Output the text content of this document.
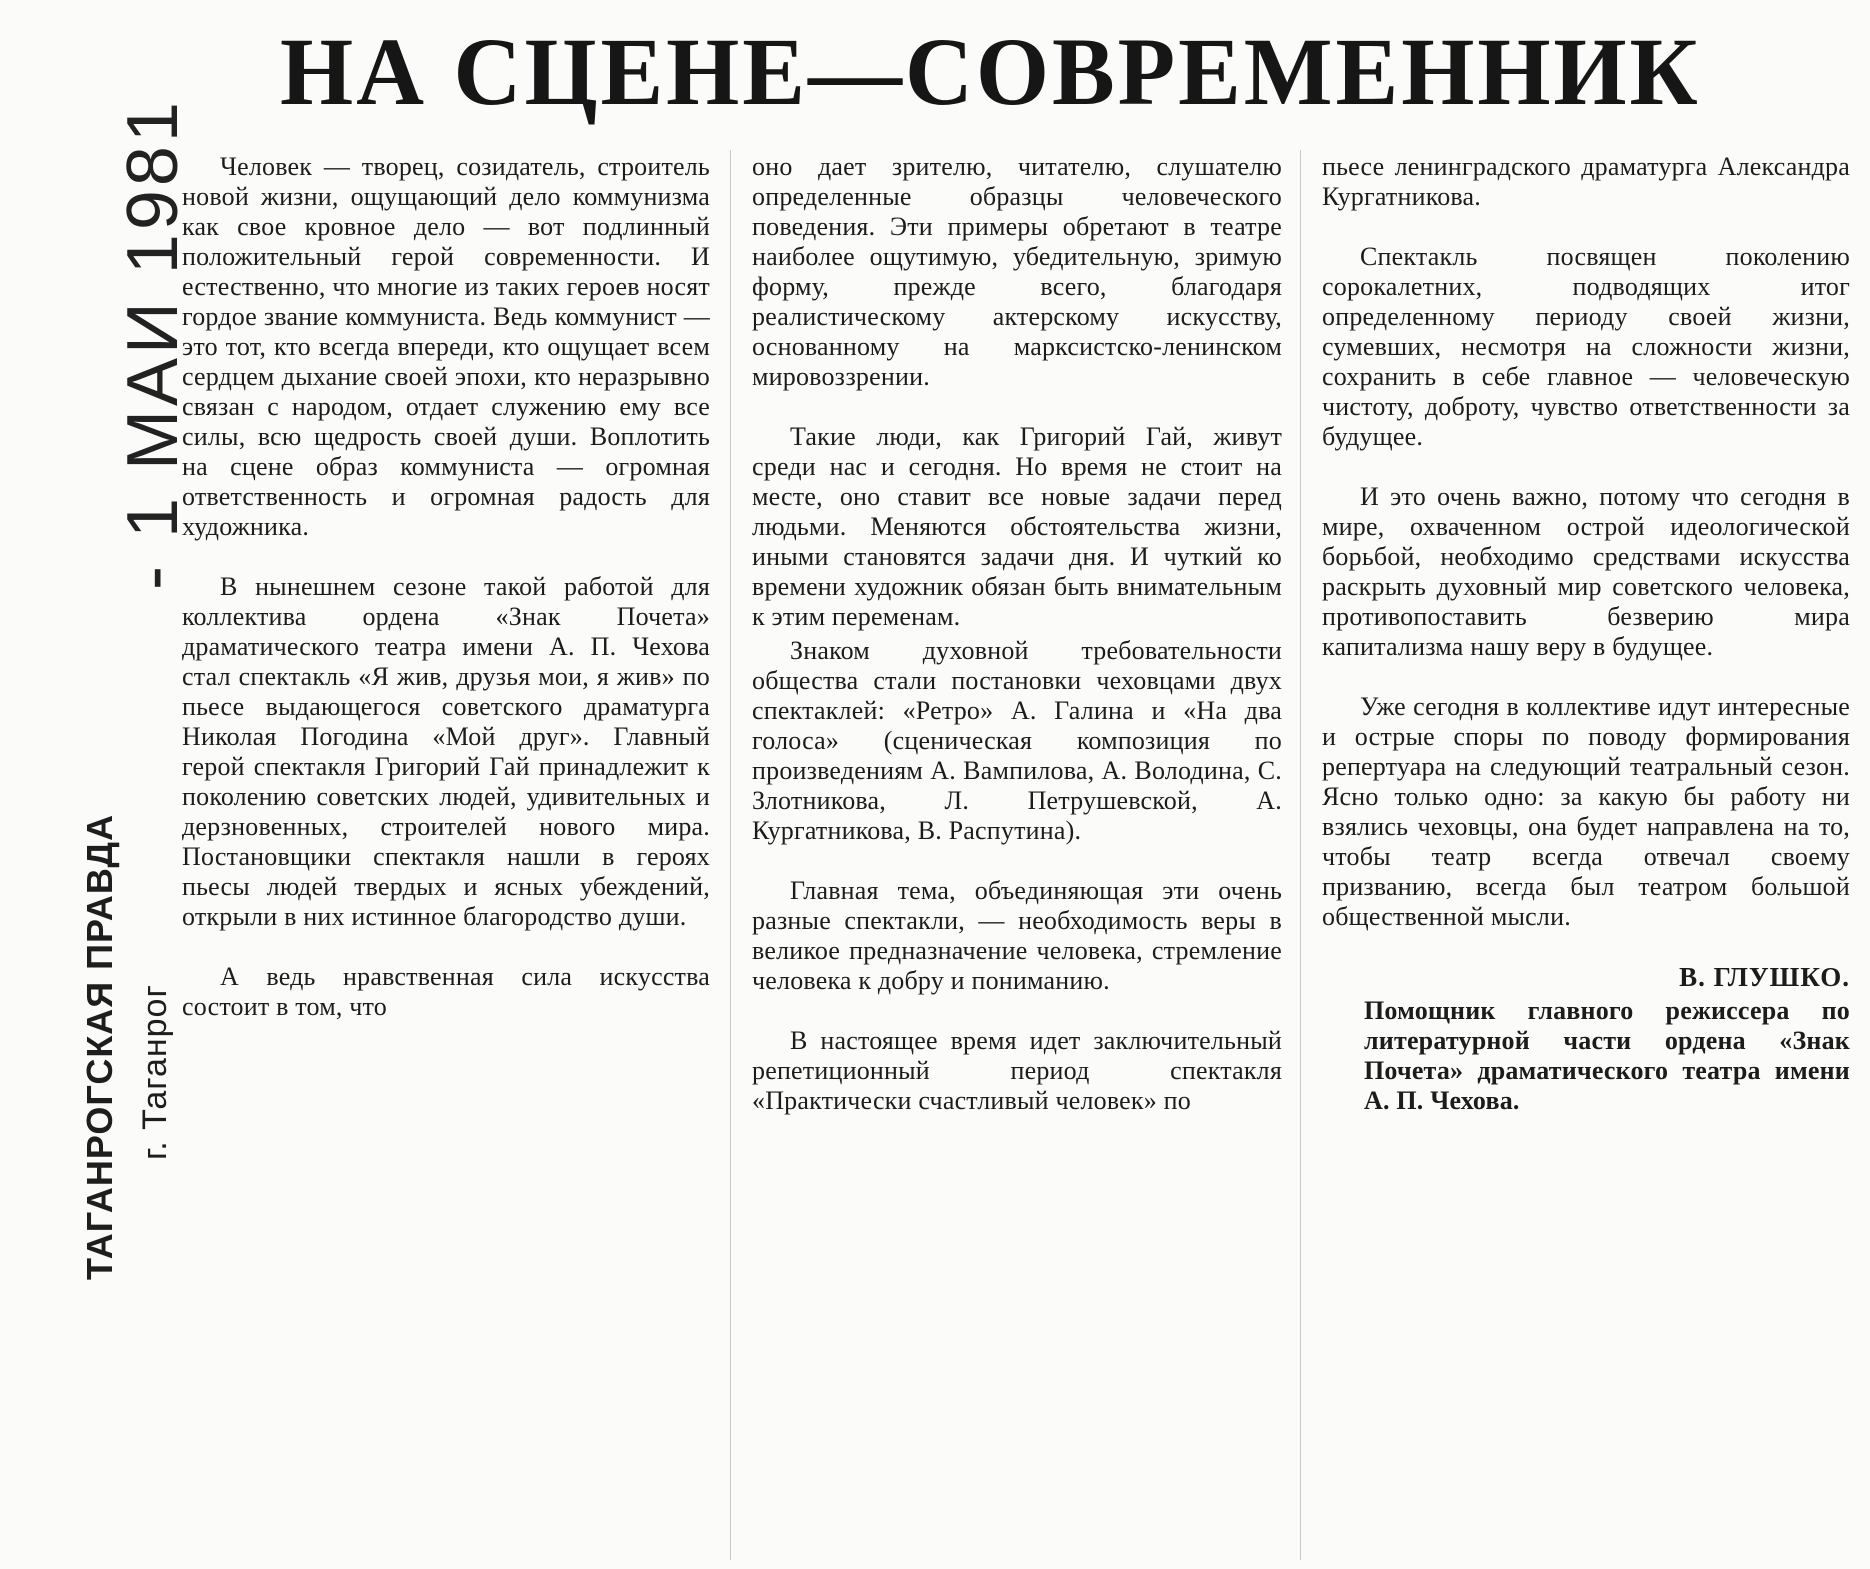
НА СЦЕНЕ—СОВРЕМЕННИК
- 1 МАИ 1981
ТАГАНРОГСКАЯ ПРАВДА г. Таганрог

Человек — творец, созидатель, строитель новой жизни, ощущающий дело коммунизма как свое кровное дело — вот подлинный положительный герой современности. И естественно, что многие из таких героев носят гордое звание коммуниста. Ведь коммунист — это тот, кто всегда впереди, кто ощущает всем сердцем дыхание своей эпохи, кто неразрывно связан с народом, отдает служению ему все силы, всю щедрость своей души. Воплотить на сцене образ коммуниста — огромная ответственность и огромная радость для художника.

В нынешнем сезоне такой работой для коллектива ордена «Знак Почета» драматического театра имени А. П. Чехова стал спектакль «Я жив, друзья мои, я жив» по пьесе выдающегося советского драматурга Николая Погодина «Мой друг». Главный герой спектакля Григорий Гай принадлежит к поколению советских людей, удивительных и дерзновенных, строителей нового мира. Постановщики спектакля нашли в героях пьесы людей твердых и ясных убеждений, открыли в них истинное благородство души.

А ведь нравственная сила искусства состоит в том, что

оно дает зрителю, читателю, слушателю определенные образцы человеческого поведения. Эти примеры обретают в театре наиболее ощутимую, убедительную, зримую форму, прежде всего, благодаря реалистическому актерскому искусству, основанному на марксистско-ленинском мировоззрении.

Такие люди, как Григорий Гай, живут среди нас и сегодня. Но время не стоит на месте, оно ставит все новые задачи перед людьми. Меняются обстоятельства жизни, иными становятся задачи дня. И чуткий ко времени художник обязан быть внимательным к этим переменам.

Знаком духовной требовательности общества стали постановки чеховцами двух спектаклей: «Ретро» А. Галина и «На два голоса» (сценическая композиция по произведениям А. Вампилова, А. Володина, С. Злотникова, Л. Петрушевской, А. Кургатникова, В. Распутина).

Главная тема, объединяющая эти очень разные спектакли, — необходимость веры в великое предназначение человека, стремление человека к добру и пониманию.

В настоящее время идет заключительный репетиционный период спектакля «Практически счастливый человек» по

пьесе ленинградского драматурга Александра Кургатникова.

Спектакль посвящен поколению сорокалетних, подводящих итог определенному периоду своей жизни, сумевших, несмотря на сложности жизни, сохранить в себе главное — человеческую чистоту, доброту, чувство ответственности за будущее.

И это очень важно, потому что сегодня в мире, охваченном острой идеологической борьбой, необходимо средствами искусства раскрыть духовный мир советского человека, противопоставить безверию мира капитализма нашу веру в будущее.

Уже сегодня в коллективе идут интересные и острые споры по поводу формирования репертуара на следующий театральный сезон. Ясно только одно: за какую бы работу ни взялись чеховцы, она будет направлена на то, чтобы театр всегда отвечал своему призванию, всегда был театром большой общественной мысли.

В. ГЛУШКО.
Помощник главного режиссера по литературной части ордена «Знак Почета» драматического театра имени А. П. Чехова.
